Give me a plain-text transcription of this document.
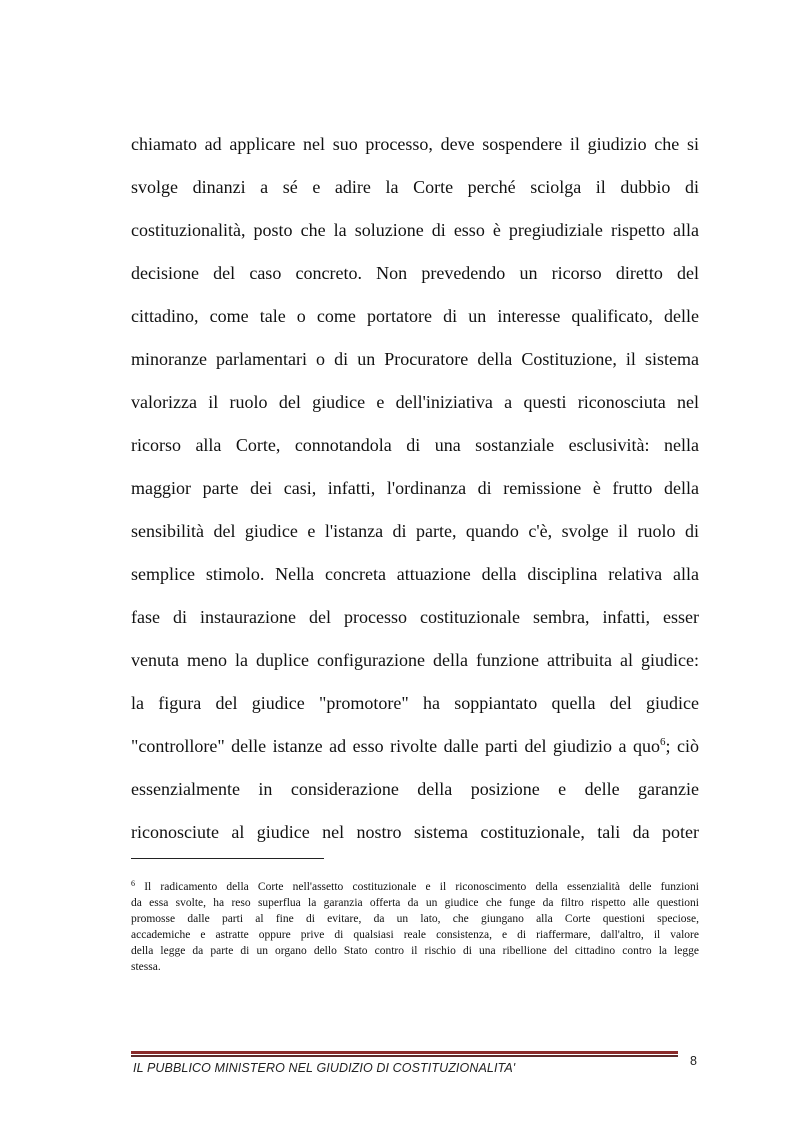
chiamato ad applicare nel suo processo, deve sospendere il giudizio che si
svolge dinanzi a sé e adire la Corte perché sciolga il dubbio di
costituzionalità, posto che la soluzione di esso è pregiudiziale rispetto alla
decisione del caso concreto. Non prevedendo un ricorso diretto del
cittadino, come tale o come portatore di un interesse qualificato, delle
minoranze parlamentari o di un Procuratore della Costituzione, il sistema
valorizza il ruolo del giudice e dell'iniziativa a questi riconosciuta nel
ricorso alla Corte, connotandola di una sostanziale esclusività: nella
maggior parte dei casi, infatti, l'ordinanza di remissione è frutto della
sensibilità del giudice e l'istanza di parte, quando c'è, svolge il ruolo di
semplice stimolo. Nella concreta attuazione della disciplina relativa alla
fase di instaurazione del processo costituzionale sembra, infatti, esser
venuta meno la duplice configurazione della funzione attribuita al giudice:
la figura del giudice "promotore" ha soppiantato quella del giudice
"controllore" delle istanze ad esso rivolte dalle parti del giudizio a quo$^6$; ciò
essenzialmente in considerazione della posizione e delle garanzie
riconosciute al giudice nel nostro sistema costituzionale, tali da poter
$^6$ Il radicamento della Corte nell'assetto costituzionale e il riconoscimento della essenzialità delle funzioni
da essa svolte, ha reso superflua la garanzia offerta da un giudice che funge da filtro rispetto alle questioni
promosse dalle parti al fine di evitare, da un lato, che giungano alla Corte questioni speciose,
accademiche e astratte oppure prive di qualsiasi reale consistenza, e di riaffermare, dall'altro, il valore
della legge da parte di un organo dello Stato contro il rischio di una ribellione del cittadino contro la legge
stessa.
IL PUBBLICO MINISTERO NEL GIUDIZIO DI COSTITUZIONALITA'	8
